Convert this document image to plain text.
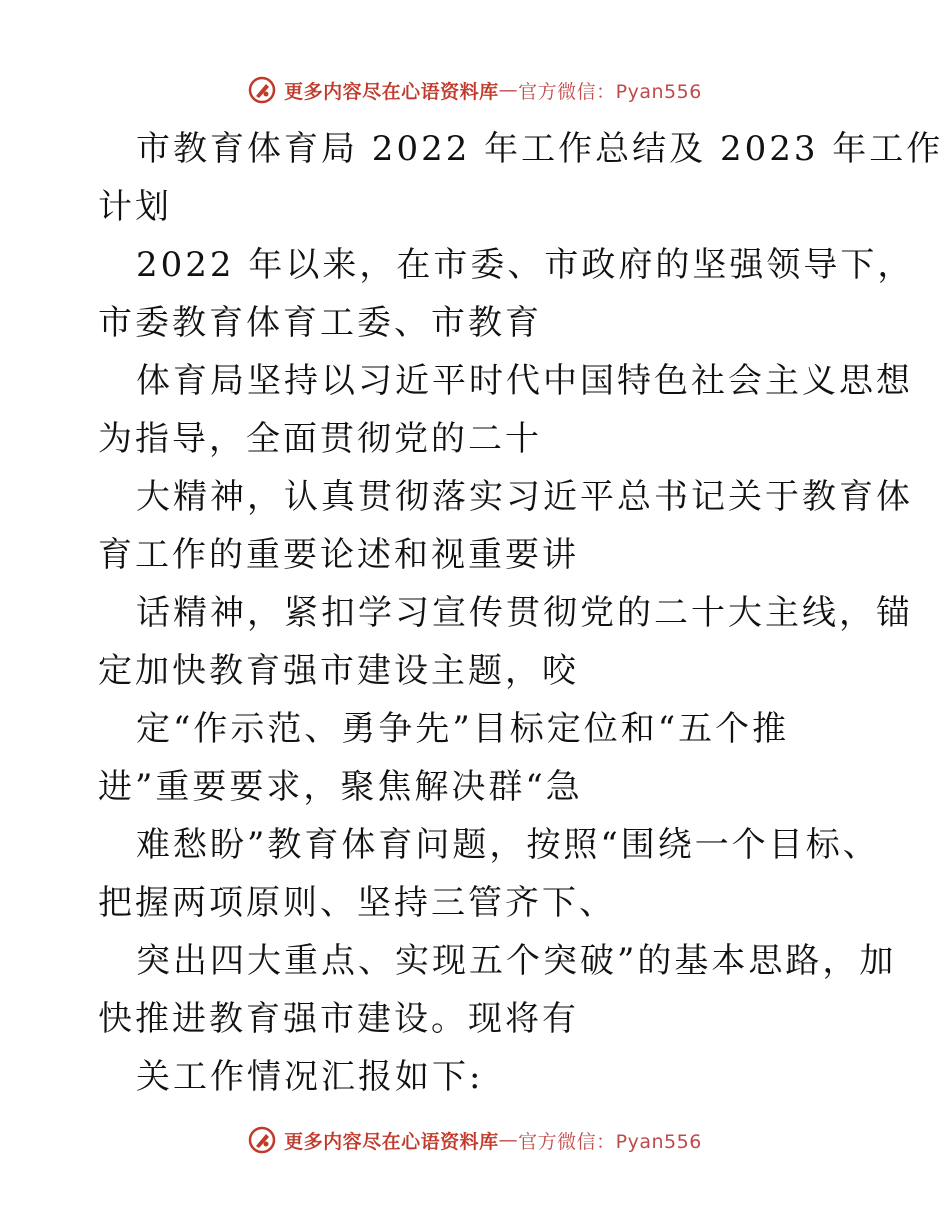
更多内容尽在心语资料库 — 官方微信：Pyan556
市教育体育局 2022 年工作总结及 2023 年工作
计划
2022 年以来，在市委、市政府的坚强领导下，
市委教育体育工委、市教育
体育局坚持以习近平时代中国特色社会主义思想
为指导，全面贯彻党的二十
大精神，认真贯彻落实习近平总书记关于教育体
育工作的重要论述和视重要讲
话精神，紧扣学习宣传贯彻党的二十大主线，锚
定加快教育强市建设主题，咬
定“作示范、勇争先”目标定位和“五个推
进”重要要求，聚焦解决群“急
难愁盼”教育体育问题，按照“围绕一个目标、
把握两项原则、坚持三管齐下、
突出四大重点、实现五个突破”的基本思路，加
快推进教育强市建设。现将有
关工作情况汇报如下:
更多内容尽在心语资料库 — 官方微信：Pyan556
